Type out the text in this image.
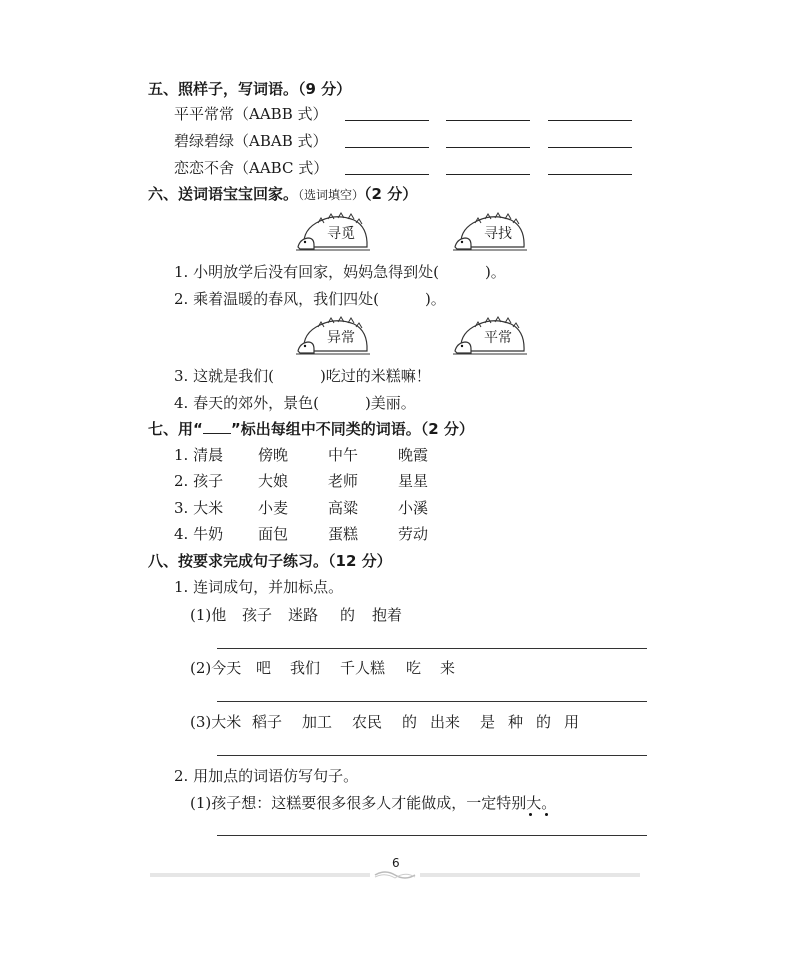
五、照样子，写词语。（9 分）
平平常常（AABB 式）
碧绿碧绿（ABAB 式）
恋恋不舍（AABC 式）
六、送词语宝宝回家。（选词填空）（2 分）
寻觅	寻找
1. 小明放学后没有回家，妈妈急得到处(	)。
2. 乘着温暖的春风，我们四处(	)。
异常	平常
3. 这就是我们(	)吃过的米糕嘛！
4. 春天的郊外，景色(	)美丽。
七、用“ ”标出每组中不同类的词语。（2 分）
1. 清晨 傍晚	中午	晚霞
2. 孩子 大娘	老师	星星
3. 大米 小麦	高粱	小溪
4. 牛奶 面包	蛋糕	劳动
八、按要求完成句子练习。（12 分）
1. 连词成句，并加标点。
(1)他 孩子 迷路 的 抱着
(2)今天 吧 我们 千人糕 吃 来
(3)大米 稻子 加工 农民 的 出来 是 种 的 用
2. 用加点的词语仿写句子。
(1)孩子想：这糕要很多很多人才能做成，一定特别大。
6
